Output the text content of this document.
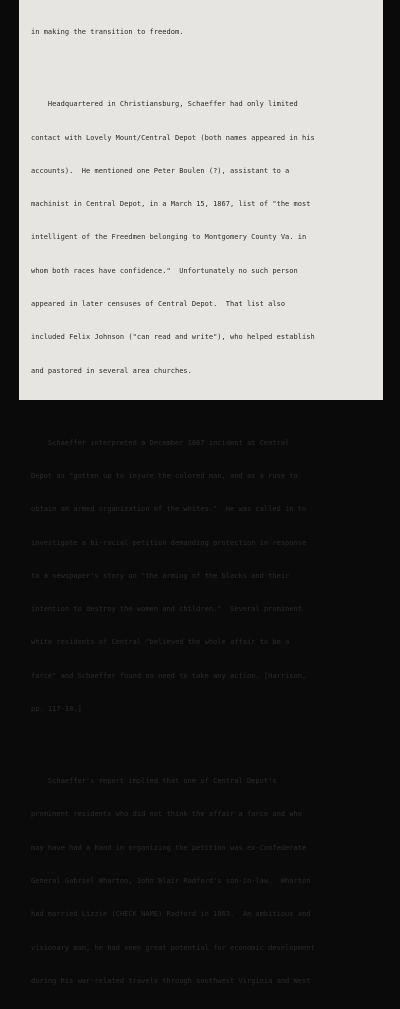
in making the transition to freedom.

Headquartered in Christiansburg, Schaeffer had only limited

contact with Lovely Mount/Central Depot (both names appeared in his

accounts).  He mentioned one Peter Boulen (?), assistant to a

machinist in Central Depot, in a March 15, 1867, list of "the most

intelligent of the Freedmen belonging to Montgomery County Va. in

whom both races have confidence."  Unfortunately no such person

appeared in later censuses of Central Depot.  That list also

included Felix Johnson ("can read and write"), who helped establish

and pastored in several area churches.

Schaeffer interpreted a December 1867 incident at Central

Depot as "gotten up to injure the colored man, and as a ruse to

obtain an armed organization of the whites."  He was called in to

investigate a bi-racial petition demanding protection in response

to a newspaper's story on "the arming of the blacks and their

intention to destroy the women and children."  Several prominent

white residents of Central "believed the whole affair to be a

farce" and Schaeffer found no need to take any action. [Harrison,

pp. 117-18.]

Schaeffer's report implied that one of Central Depot's

prominent residents who did not think the affair a farce and who

may have had a hand in organizing the petition was ex-Confederate

General Gabriel Wharton, John Blair Radford's son-in-law.  Wharton

had married Lizzie (CHECK NAME) Radford in 1863.  An ambitious and

visionary man, he had seen great potential for economic development

during his war-related travels through southwest Virginia and West
